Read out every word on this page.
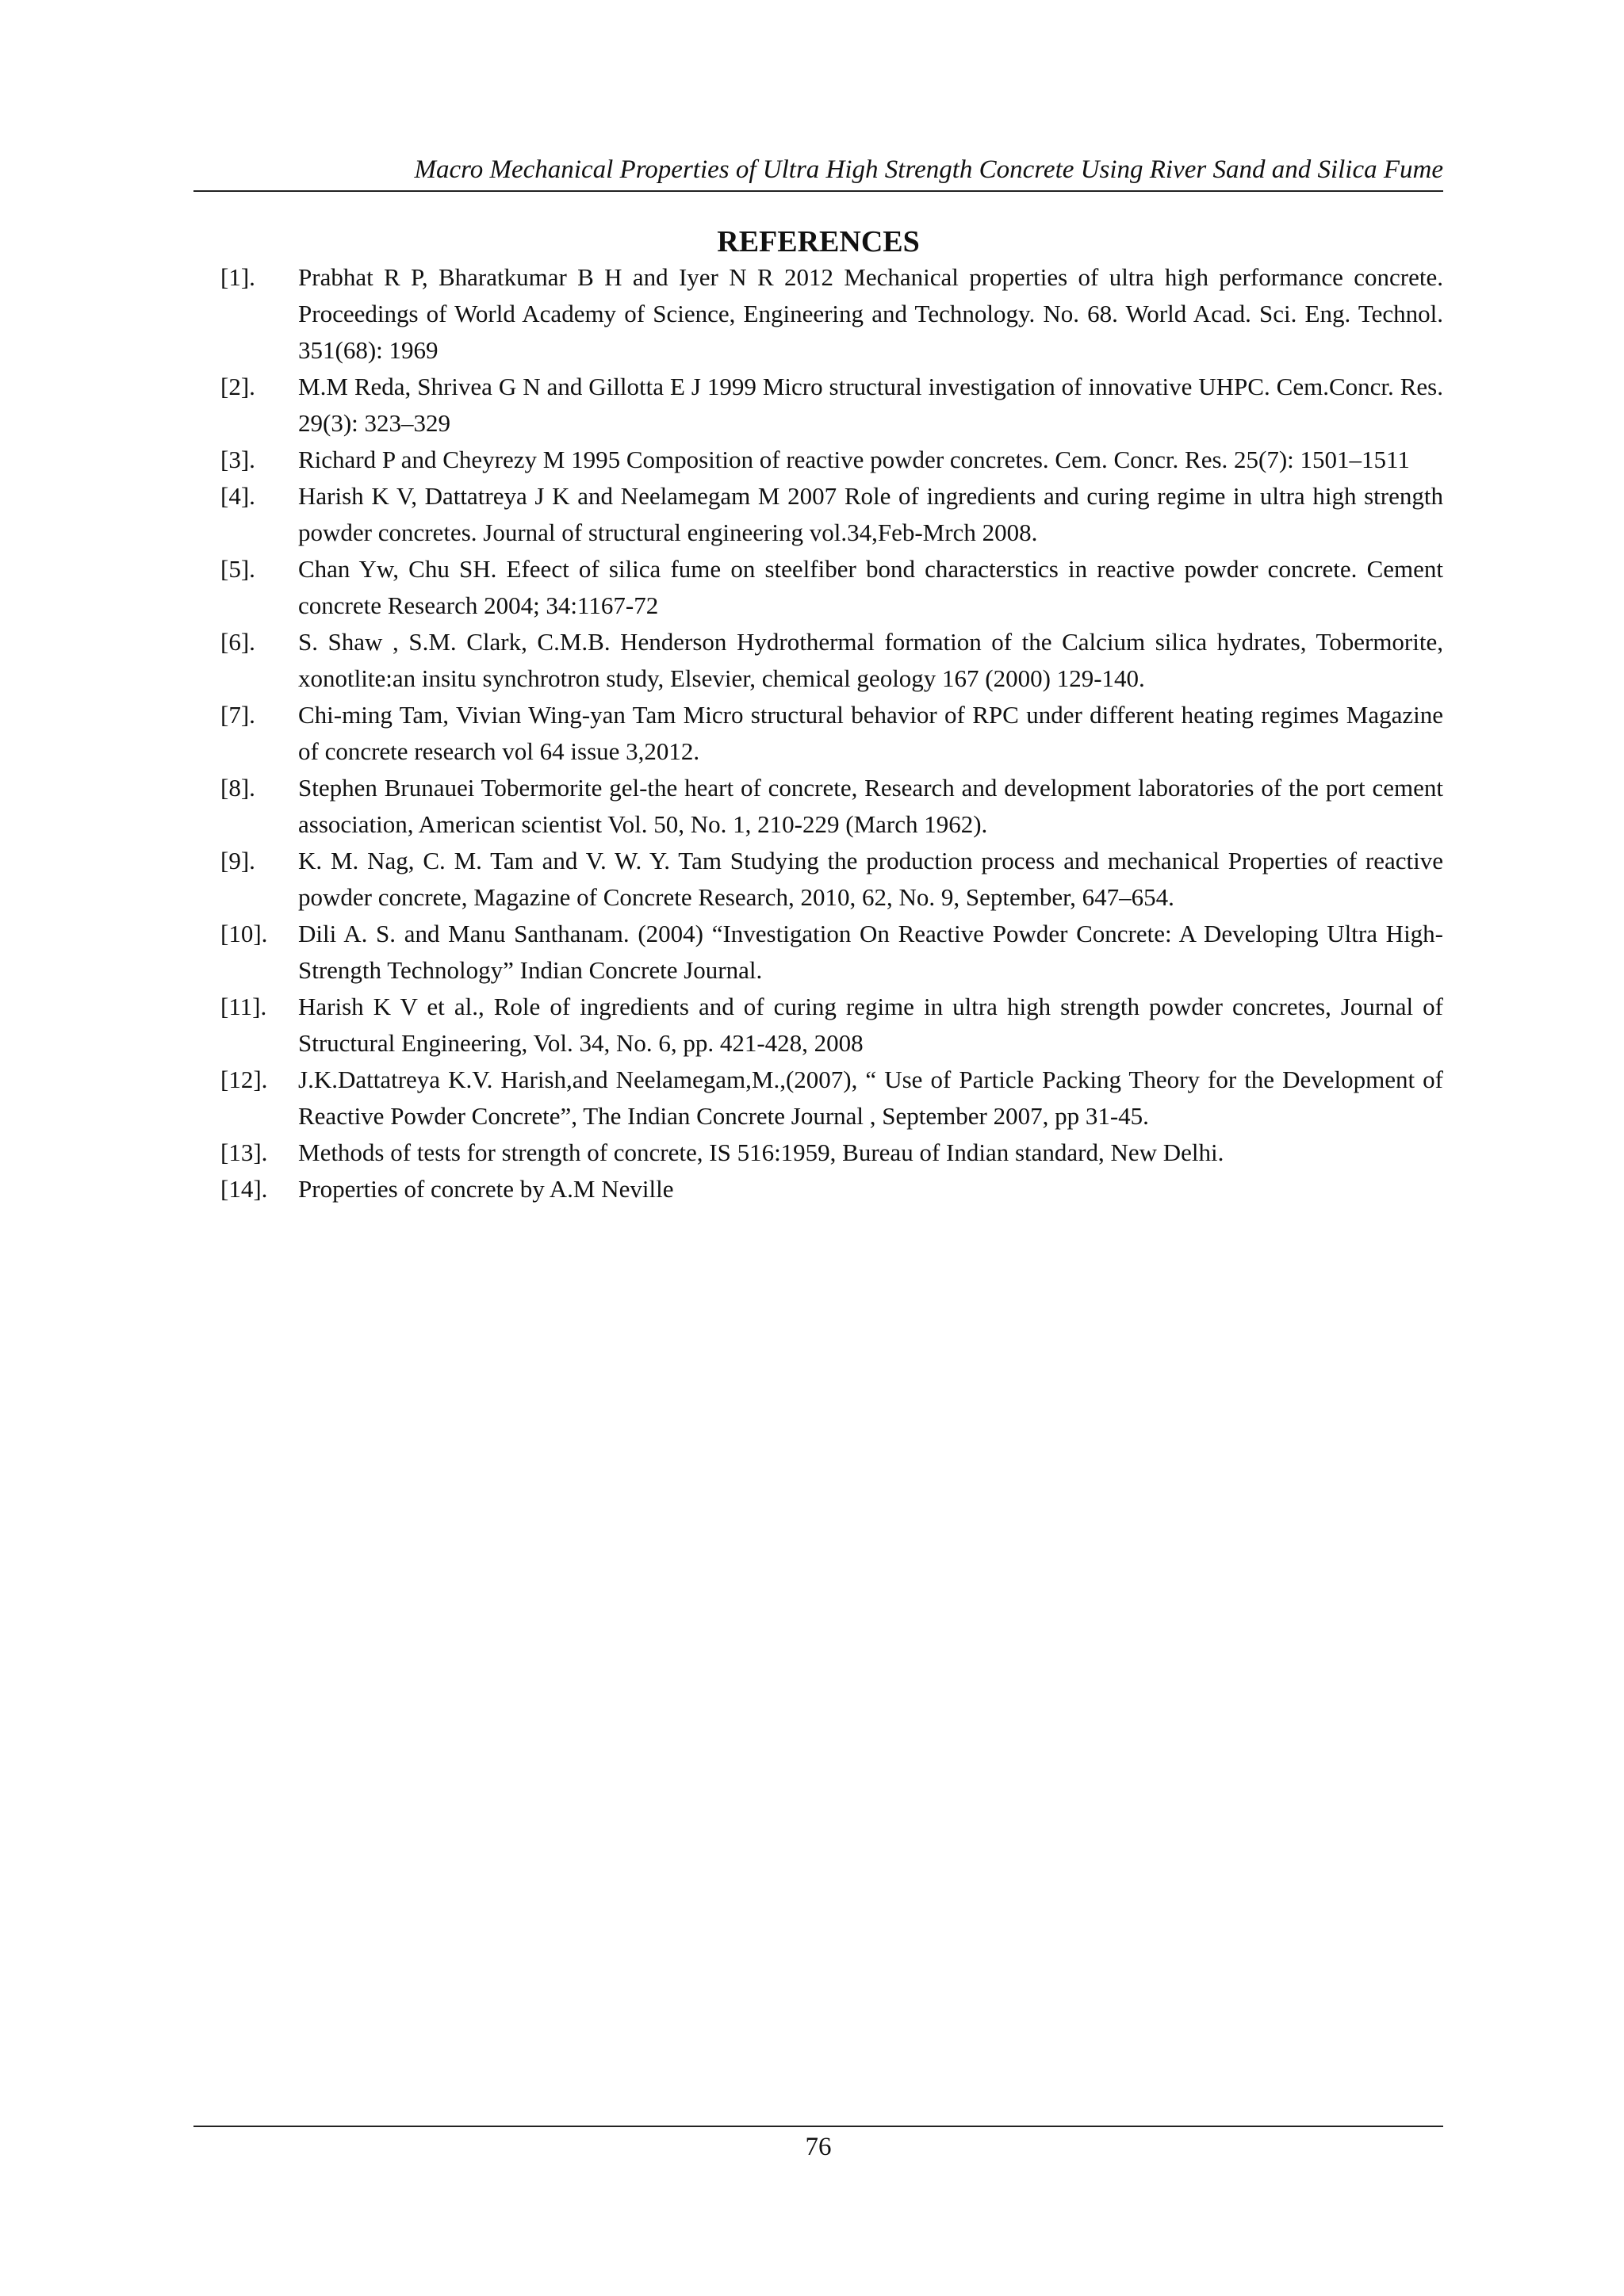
Macro Mechanical Properties of Ultra High Strength Concrete Using River Sand and Silica Fume
REFERENCES
[1]. Prabhat R P, Bharatkumar B H and Iyer N R 2012 Mechanical properties of ultra high performance concrete. Proceedings of World Academy of Science, Engineering and Technology. No. 68. World Acad. Sci. Eng. Technol. 351(68): 1969
[2]. M.M Reda, Shrivea G N and Gillotta E J 1999 Micro structural investigation of innovative UHPC. Cem.Concr. Res. 29(3): 323–329
[3]. Richard P and Cheyrezy M 1995 Composition of reactive powder concretes. Cem. Concr. Res. 25(7): 1501–1511
[4]. Harish K V, Dattatreya J K and Neelamegam M 2007 Role of ingredients and curing regime in ultra high strength powder concretes. Journal of structural engineering vol.34,Feb-Mrch 2008.
[5]. Chan Yw, Chu SH. Efeect of silica fume on steelfiber bond characterstics in reactive powder concrete. Cement concrete Research 2004; 34:1167-72
[6]. S. Shaw , S.M. Clark, C.M.B. Henderson Hydrothermal formation of the Calcium silica hydrates, Tobermorite, xonotlite:an insitu synchrotron study, Elsevier, chemical geology 167 (2000) 129-140.
[7]. Chi-ming Tam, Vivian Wing-yan Tam Micro structural behavior of RPC under different heating regimes Magazine of concrete research vol 64 issue 3,2012.
[8]. Stephen Brunauei Tobermorite gel-the heart of concrete, Research and development laboratories of the port cement association, American scientist Vol. 50, No. 1, 210-229 (March 1962).
[9]. K. M. Nag, C. M. Tam and V. W. Y. Tam Studying the production process and mechanical Properties of reactive powder concrete, Magazine of Concrete Research, 2010, 62, No. 9, September, 647–654.
[10]. Dili A. S. and Manu Santhanam. (2004) “Investigation On Reactive Powder Concrete: A Developing Ultra High-Strength Technology” Indian Concrete Journal.
[11]. Harish K V et al., Role of ingredients and of curing regime in ultra high strength powder concretes, Journal of Structural Engineering, Vol. 34, No. 6, pp. 421-428, 2008
[12]. J.K.Dattatreya K.V. Harish,and Neelamegam,M.,(2007), “ Use of Particle Packing Theory for the Development of Reactive Powder Concrete”, The Indian Concrete Journal , September 2007, pp 31-45.
[13]. Methods of tests for strength of concrete, IS 516:1959, Bureau of Indian standard, New Delhi.
[14]. Properties of concrete by A.M Neville
76
